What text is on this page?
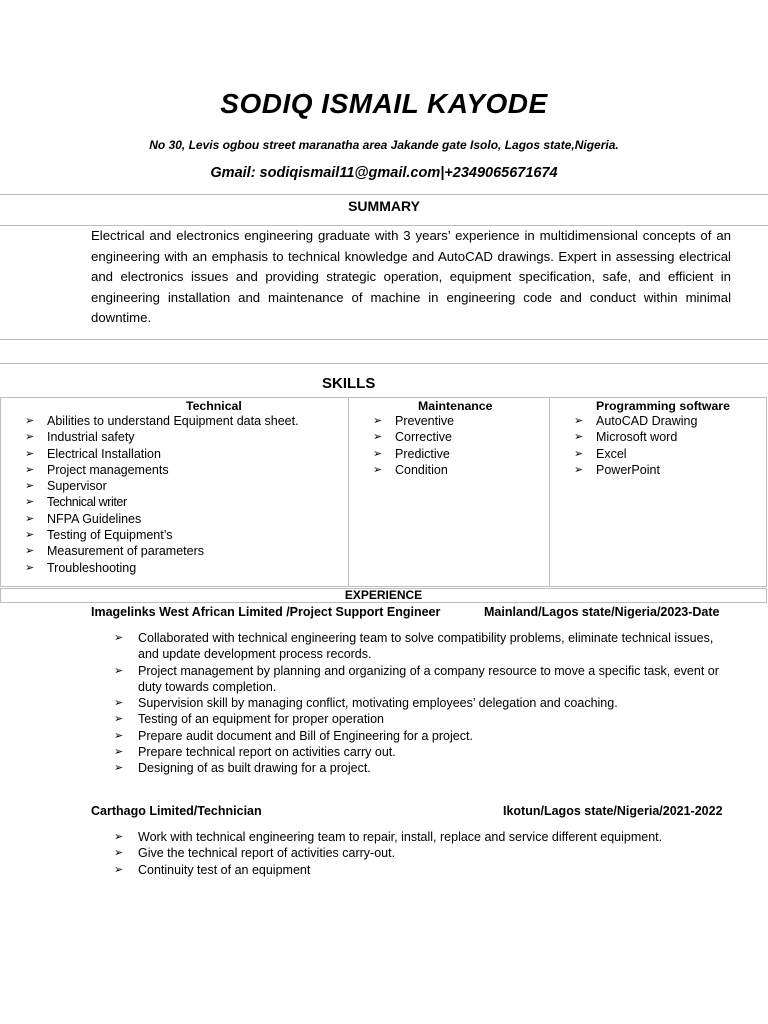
SODIQ ISMAIL KAYODE
No 30, Levis ogbou street maranatha area Jakande gate Isolo, Lagos state,Nigeria.
Gmail: sodiqismail11@gmail.com|+2349065671674
SUMMARY
Electrical and electronics engineering graduate with 3 years’ experience in multidimensional concepts of an engineering with an emphasis to technical knowledge and AutoCAD drawings. Expert in assessing electrical and electronics issues and providing strategic operation, equipment specification, safe, and efficient in engineering installation and maintenance of machine in engineering code and conduct within minimal downtime.
SKILLS
Technical
➢ Abilities to understand Equipment data sheet.
➢ Industrial safety
➢ Electrical Installation
➢ Project managements
➢ Supervisor
➢ Technical writer
➢ NFPA Guidelines
➢ Testing of Equipment’s
➢ Measurement of parameters
➢ Troubleshooting
Maintenance
➢ Preventive
➢ Corrective
➢ Predictive
➢ Condition
Programming software
➢ AutoCAD Drawing
➢ Microsoft word
➢ Excel
➢ PowerPoint
EXPERIENCE
Imagelinks West African Limited /Project Support Engineer	Mainland/Lagos state/Nigeria/2023-Date
➢ Collaborated with technical engineering team to solve compatibility problems, eliminate technical issues, and update development process records.
➢ Project management by planning and organizing of a company resource to move a specific task, event or duty towards completion.
➢ Supervision skill by managing conflict, motivating employees’ delegation and coaching.
➢ Testing of an equipment for proper operation
➢ Prepare audit document and Bill of Engineering for a project.
➢ Prepare technical report on activities carry out.
➢ Designing of as built drawing for a project.
Carthago Limited/Technician	Ikotun/Lagos state/Nigeria/2021-2022
➢ Work with technical engineering team to repair, install, replace and service different equipment.
➢ Give the technical report of activities carry-out.
➢ Continuity test of an equipment
